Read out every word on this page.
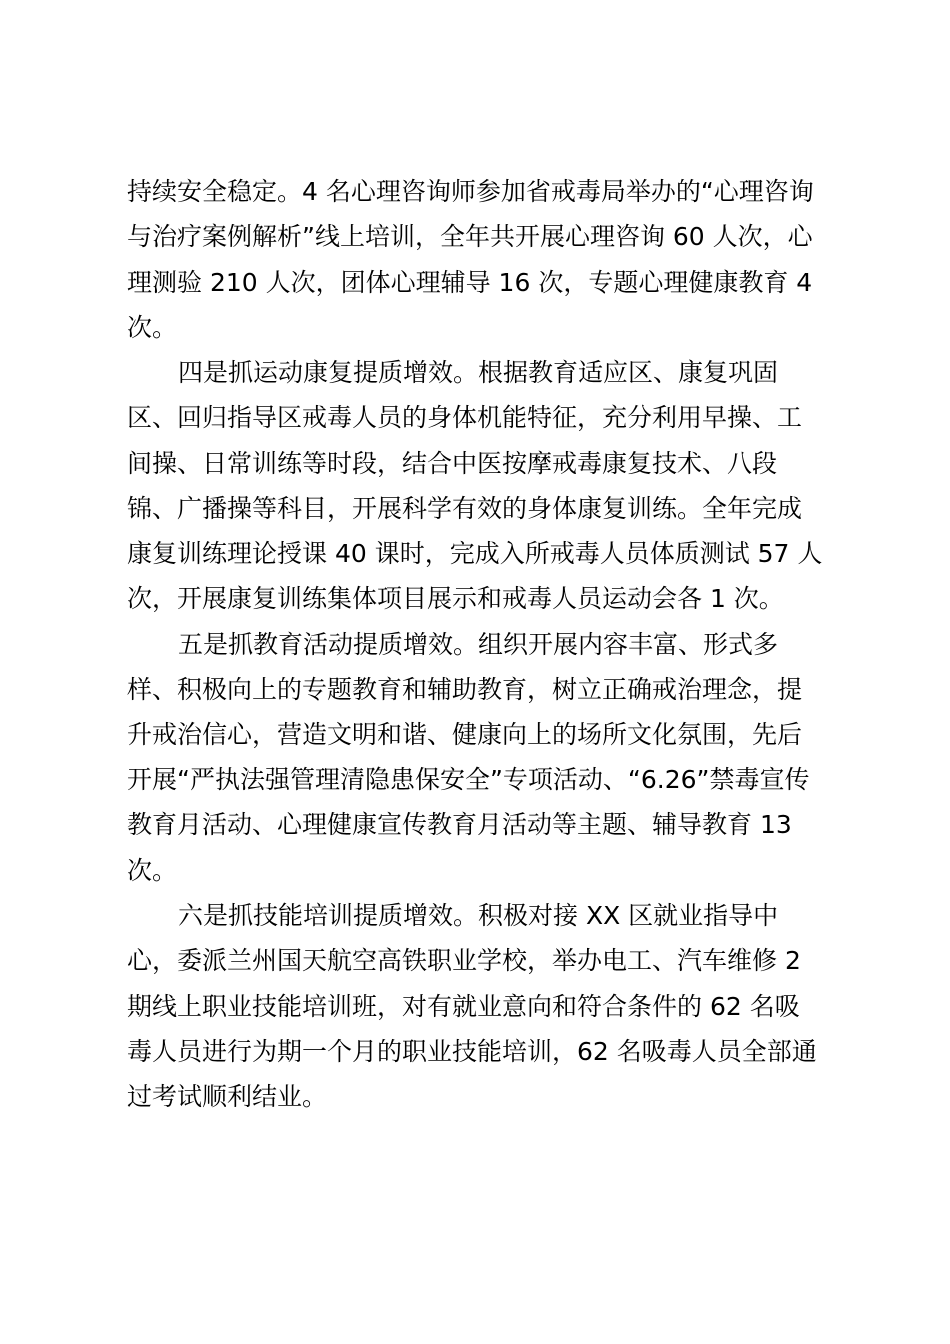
持续安全稳定。4 名心理咨询师参加省戒毒局举办的“心理咨询
与治疗案例解析”线上培训，全年共开展心理咨询 60 人次，心
理测验 210 人次，团体心理辅导 16 次，专题心理健康教育 4
次。
四是抓运动康复提质增效。根据教育适应区、康复巩固
区、回归指导区戒毒人员的身体机能特征，充分利用早操、工
间操、日常训练等时段，结合中医按摩戒毒康复技术、八段
锦、广播操等科目，开展科学有效的身体康复训练。全年完成
康复训练理论授课 40 课时，完成入所戒毒人员体质测试 57 人
次，开展康复训练集体项目展示和戒毒人员运动会各 1 次。
五是抓教育活动提质增效。组织开展内容丰富、形式多
样、积极向上的专题教育和辅助教育，树立正确戒治理念，提
升戒治信心，营造文明和谐、健康向上的场所文化氛围，先后
开展“严执法强管理清隐患保安全”专项活动、“6.26”禁毒宣传
教育月活动、心理健康宣传教育月活动等主题、辅导教育 13
次。
六是抓技能培训提质增效。积极对接 XX 区就业指导中
心，委派兰州国天航空高铁职业学校，举办电工、汽车维修 2
期线上职业技能培训班，对有就业意向和符合条件的 62 名吸
毒人员进行为期一个月的职业技能培训，62 名吸毒人员全部通
过考试顺利结业。
